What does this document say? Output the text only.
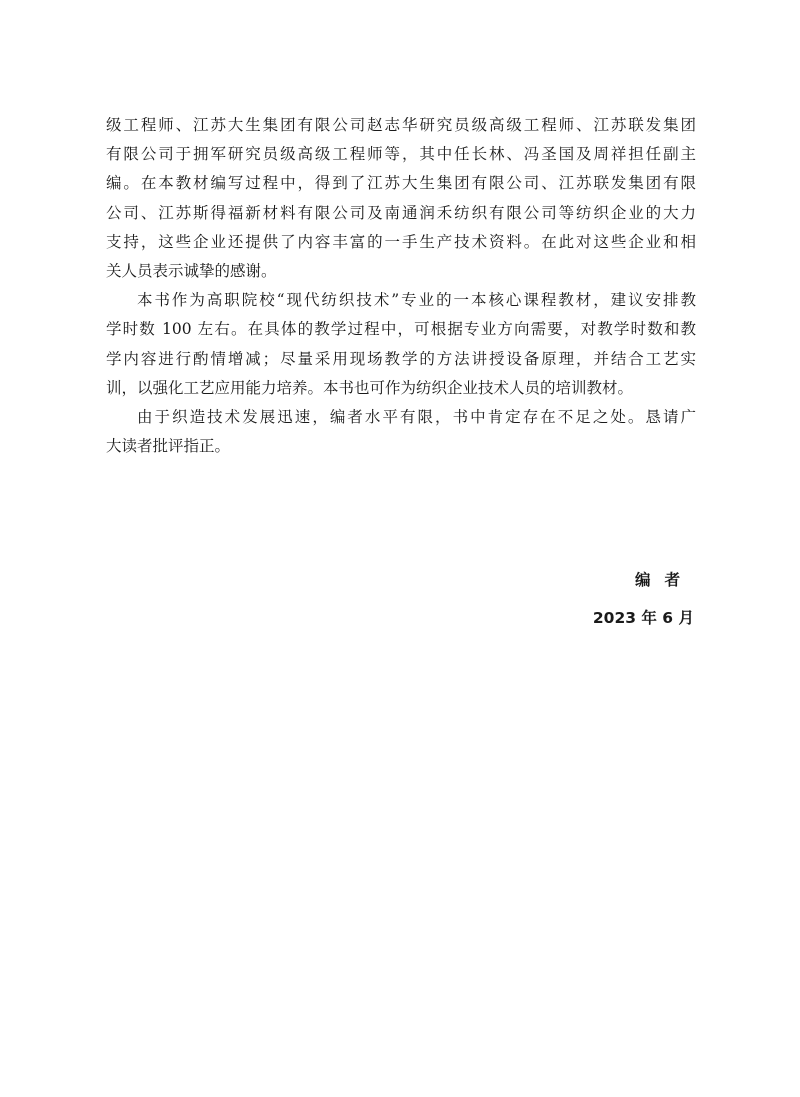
级工程师、江苏大生集团有限公司赵志华研究员级高级工程师、江苏联发集团
有限公司于拥军研究员级高级工程师等，其中任长林、冯圣国及周祥担任副主
编。在本教材编写过程中，得到了江苏大生集团有限公司、江苏联发集团有限
公司、江苏斯得福新材料有限公司及南通润禾纺织有限公司等纺织企业的大力
支持，这些企业还提供了内容丰富的一手生产技术资料。在此对这些企业和相
关人员表示诚挚的感谢。
本书作为高职院校“现代纺织技术”专业的一本核心课程教材，建议安排教
学时数 100 左右。在具体的教学过程中，可根据专业方向需要，对教学时数和教
学内容进行酌情增减；尽量采用现场教学的方法讲授设备原理，并结合工艺实
训，以强化工艺应用能力培养。本书也可作为纺织企业技术人员的培训教材。
由于织造技术发展迅速，编者水平有限，书中肯定存在不足之处。恳请广
大读者批评指正。
编者
2023 年 6 月
